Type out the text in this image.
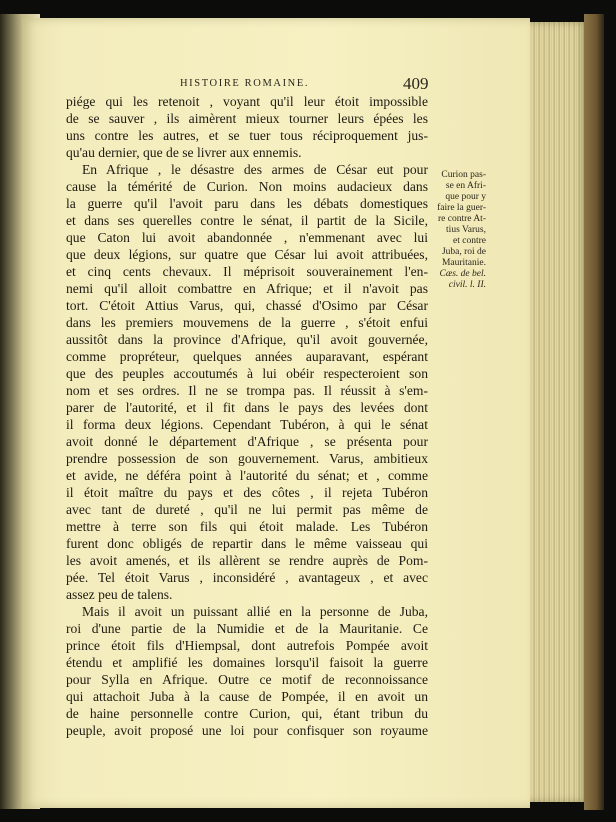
HISTOIRE ROMAINE.	409
piége qui les retenoit , voyant qu'il leur étoit impossible
de se sauver , ils aimèrent mieux tourner leurs épées les
uns contre les autres, et se tuer tous réciproquement jus-
qu'au dernier, que de se livrer aux ennemis.
En Afrique , le désastre des armes de César eut pour
cause la témérité de Curion. Non moins audacieux dans
la guerre qu'il l'avoit paru dans les débats domestiques
et dans ses querelles contre le sénat, il partit de la Sicile,
que Caton lui avoit abandonnée , n'emmenant avec lui
que deux légions, sur quatre que César lui avoit attribuées,
et cinq cents chevaux. Il méprisoit souverainement l'en-
nemi qu'il alloit combattre en Afrique; et il n'avoit pas
tort. C'étoit Attius Varus, qui, chassé d'Osimo par César
dans les premiers mouvemens de la guerre , s'étoit enfui
aussitôt dans la province d'Afrique, qu'il avoit gouvernée,
comme propréteur, quelques années auparavant, espérant
que des peuples accoutumés à lui obéir respecteroient son
nom et ses ordres. Il ne se trompa pas. Il réussit à s'em-
parer de l'autorité, et il fit dans le pays des levées dont
il forma deux légions. Cependant Tubéron, à qui le sénat
avoit donné le département d'Afrique , se présenta pour
prendre possession de son gouvernement. Varus, ambitieux
et avide, ne déféra point à l'autorité du sénat; et , comme
il étoit maître du pays et des côtes , il rejeta Tubéron
avec tant de dureté , qu'il ne lui permit pas même de
mettre à terre son fils qui étoit malade. Les Tubéron
furent donc obligés de repartir dans le même vaisseau qui
les avoit amenés, et ils allèrent se rendre auprès de Pom-
pée. Tel étoit Varus , inconsidéré , avantageux , et avec
assez peu de talens.
Mais il avoit un puissant allié en la personne de Juba,
roi d'une partie de la Numidie et de la Mauritanie. Ce
prince étoit fils d'Hiempsal, dont autrefois Pompée avoit
étendu et amplifié les domaines lorsqu'il faisoit la guerre
pour Sylla en Afrique. Outre ce motif de reconnoissance
qui attachoit Juba à la cause de Pompée, il en avoit un
de haine personnelle contre Curion, qui, étant tribun du
peuple, avoit proposé une loi pour confisquer son royaume
Curion pas-
se en Afri-
que pour y
faire la guer-
re contre At-
tius Varus,
et contre
Juba, roi de
Mauritanie.
Cæs. de bel.
civil. l. II.
